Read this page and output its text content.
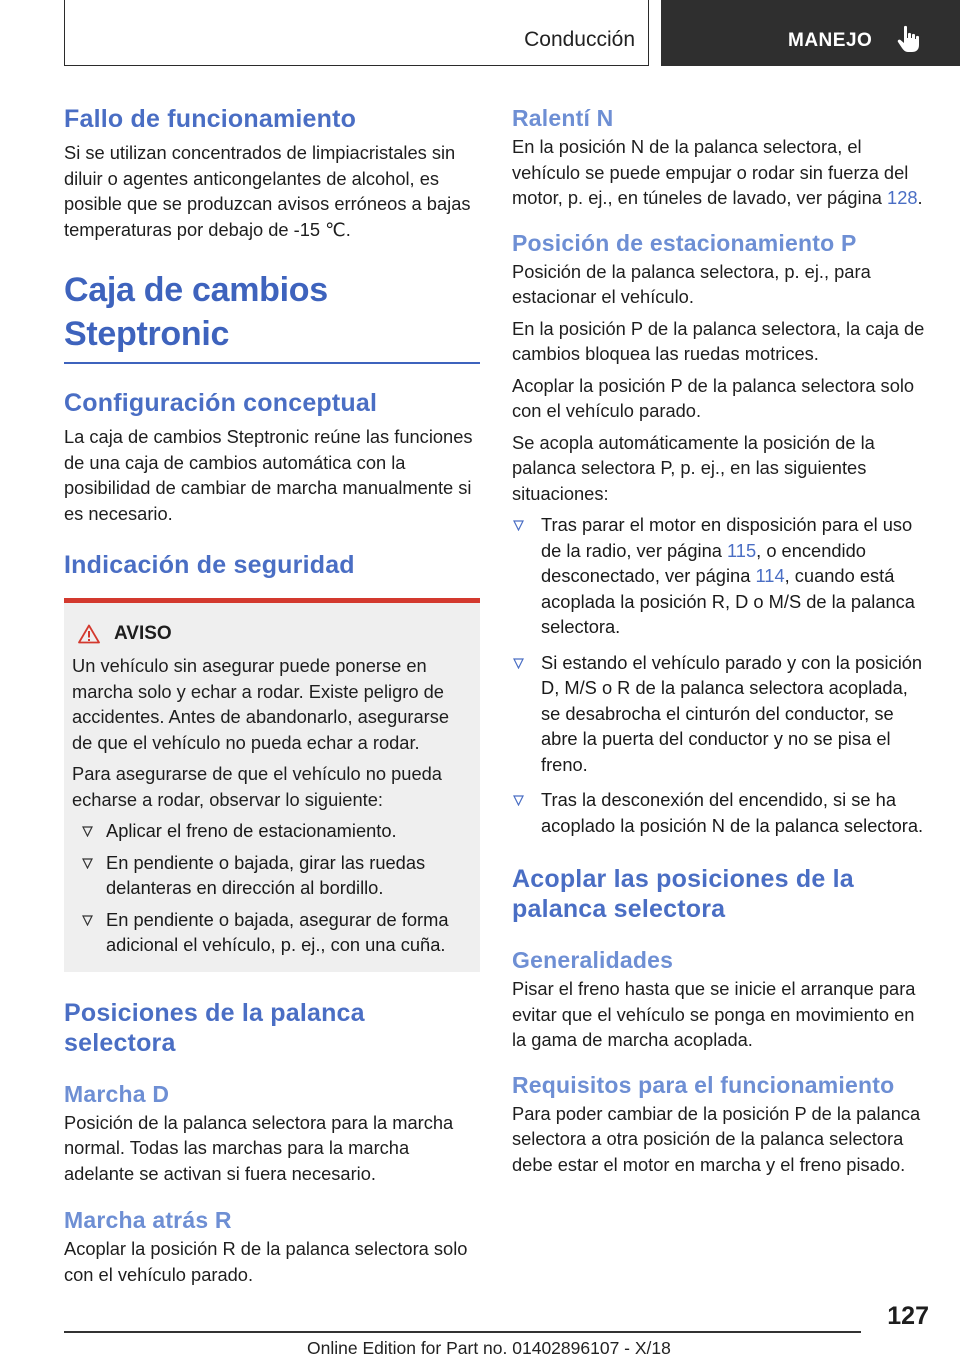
Conducción	MANEJO
Fallo de funcionamiento
Si se utilizan concentrados de limpiacristales sin diluir o agentes anticongelantes de alcohol, es posible que se produzcan avisos erróneos a bajas temperaturas por debajo de -15 ℃.
Caja de cambios Steptronic
Configuración conceptual
La caja de cambios Steptronic reúne las funciones de una caja de cambios automática con la posibilidad de cambiar de marcha manualmente si es necesario.
Indicación de seguridad
AVISO
Un vehículo sin asegurar puede ponerse en marcha solo y echar a rodar. Existe peligro de accidentes. Antes de abandonarlo, asegurarse de que el vehículo no pueda echar a rodar.
Para asegurarse de que el vehículo no pueda echarse a rodar, observar lo siguiente:
Aplicar el freno de estacionamiento.
En pendiente o bajada, girar las ruedas delanteras en dirección al bordillo.
En pendiente o bajada, asegurar de forma adicional el vehículo, p. ej., con una cuña.
Posiciones de la palanca selectora
Marcha D
Posición de la palanca selectora para la marcha normal. Todas las marchas para la marcha adelante se activan si fuera necesario.
Marcha atrás R
Acoplar la posición R de la palanca selectora solo con el vehículo parado.
Ralentí N
En la posición N de la palanca selectora, el vehículo se puede empujar o rodar sin fuerza del motor, p. ej., en túneles de lavado, ver página 128.
Posición de estacionamiento P
Posición de la palanca selectora, p. ej., para estacionar el vehículo.
En la posición P de la palanca selectora, la caja de cambios bloquea las ruedas motrices.
Acoplar la posición P de la palanca selectora solo con el vehículo parado.
Se acopla automáticamente la posición de la palanca selectora P, p. ej., en las siguientes situaciones:
Tras parar el motor en disposición para el uso de la radio, ver página 115, o encendido desconectado, ver página 114, cuando está acoplada la posición R, D o M/S de la palanca selectora.
Si estando el vehículo parado y con la posición D, M/S o R de la palanca selectora acoplada, se desabrocha el cinturón del conductor, se abre la puerta del conductor y no se pisa el freno.
Tras la desconexión del encendido, si se ha acoplado la posición N de la palanca selectora.
Acoplar las posiciones de la palanca selectora
Generalidades
Pisar el freno hasta que se inicie el arranque para evitar que el vehículo se ponga en movimiento en la gama de marcha acoplada.
Requisitos para el funcionamiento
Para poder cambiar de la posición P de la palanca selectora a otra posición de la palanca selectora debe estar el motor en marcha y el freno pisado.
127
Online Edition for Part no. 01402896107 - X/18
